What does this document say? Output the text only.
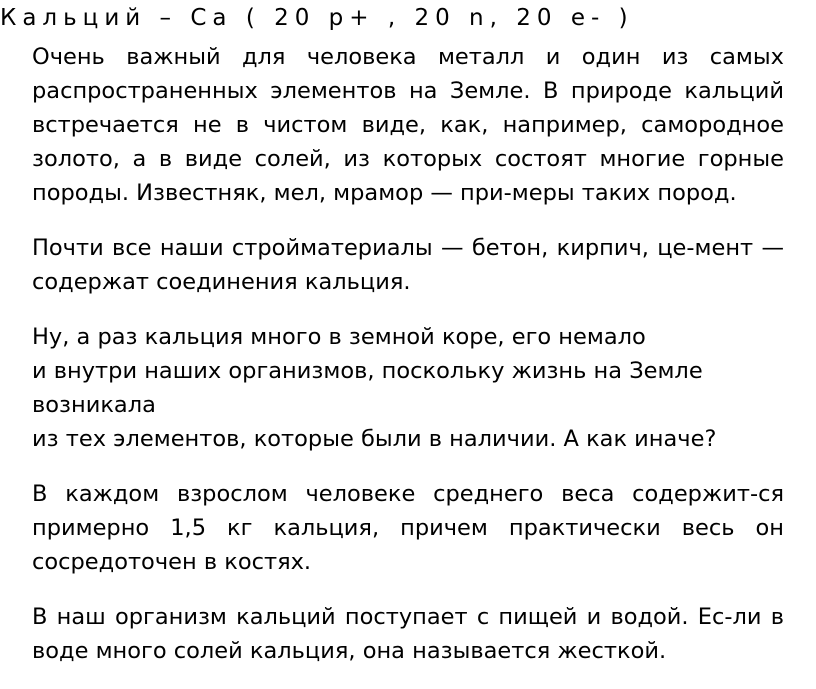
Кальций – Са ( 20 p+ , 20 n, 20 e- )

Очень важный для человека металл и один из самых распространенных элементов на Земле. В природе кальций встречается не в чистом виде, как, например, самородное золото, а в виде солей, из которых состоят многие горные породы. Известняк, мел, мрамор — при-меры таких пород.

Почти все наши стройматериалы — бетон, кирпич, це-мент — содержат соединения кальция.

Ну, а раз кальция много в земной коре, его немало
и внутри наших организмов, поскольку жизнь на Земле возникала
из тех элементов, которые были в наличии. А как иначе?

В каждом взрослом человеке среднего веса содержит-ся примерно 1,5 кг кальция, причем практически весь он сосредоточен в костях.

В наш организм кальций поступает с пищей и водой. Ес-ли в воде много солей кальция, она называется жесткой.
